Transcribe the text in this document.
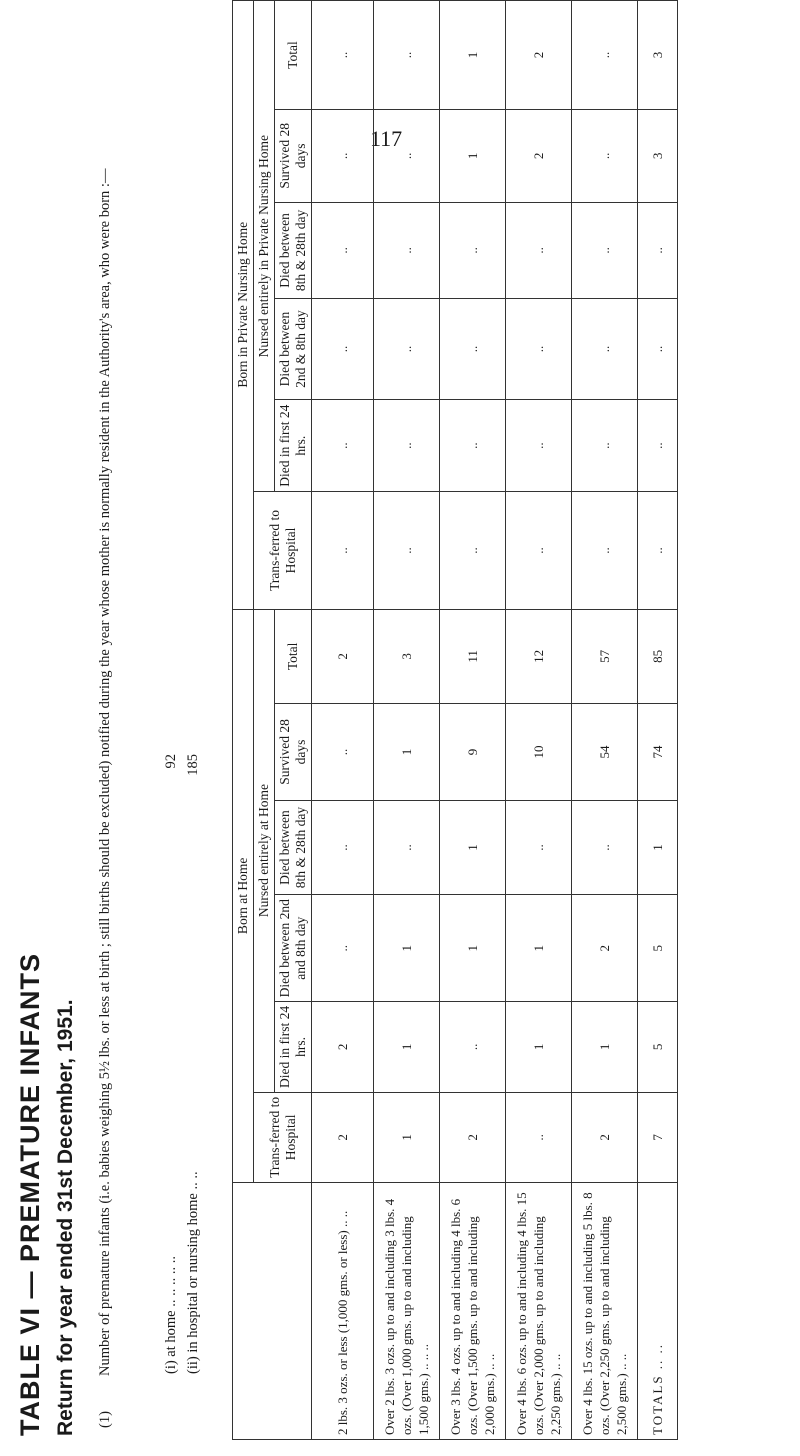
117

TABLE VI — PREMATURE INFANTS Return for year ended 31st December, 1951.	(1)
Number of premature infants (i.e. babies weighing 5½ lbs. or less at birth ; still births should be excluded) notified during the year whose mother is normally resident in the Authority's area, who were born :—	(i) at home .. .. .. .. ..
92
(ii) in hospital or nursing home .. ..
185
	Born at Home						Born in Private Nursing Home					
	Trans-ferred to Hospital	Nursed entirely at Home					Trans-ferred to Hospital	Nursed entirely in Private Nursing Home				
		Died in first 24 hrs.	Died between 2nd and 8th day	Died between 8th & 28th day	Survived 28 days	Total		Died in first 24 hrs.	Died between 2nd & 8th day	Died between 8th & 28th day	Survived 28 days	Total
2 lbs. 3 ozs. or less (1,000 gms. or less) .. ..	2	2	..	..	..	2	..	..	..	..	..	..
Over 2 lbs. 3 ozs. up to and including 3 lbs. 4 ozs. (Over 1,000 gms. up to and including 1,500 gms.) .. .. ..	1	1	1	..	1	3	..	..	..	..	..	..
Over 3 lbs. 4 ozs. up to and including 4 lbs. 6 ozs. (Over 1,500 gms. up to and including 2,000 gms.) .. ..	2	..	1	1	9	11	..	..	..	..	1	1
Over 4 lbs. 6 ozs. up to and including 4 lbs. 15 ozs. (Over 2,000 gms. up to and including 2,250 gms.) .. ..	..	1	1	..	10	12	..	..	..	..	2	2
Over 4 lbs. 15 ozs. up to and including 5 lbs. 8 ozs. (Over 2,250 gms. up to and including 2,500 gms.) .. ..	2	1	2	..	54	57	..	..	..	..	..	..
TOTALS .. ..	7	5	5	1	74	85	..	..	..	..	3	3
